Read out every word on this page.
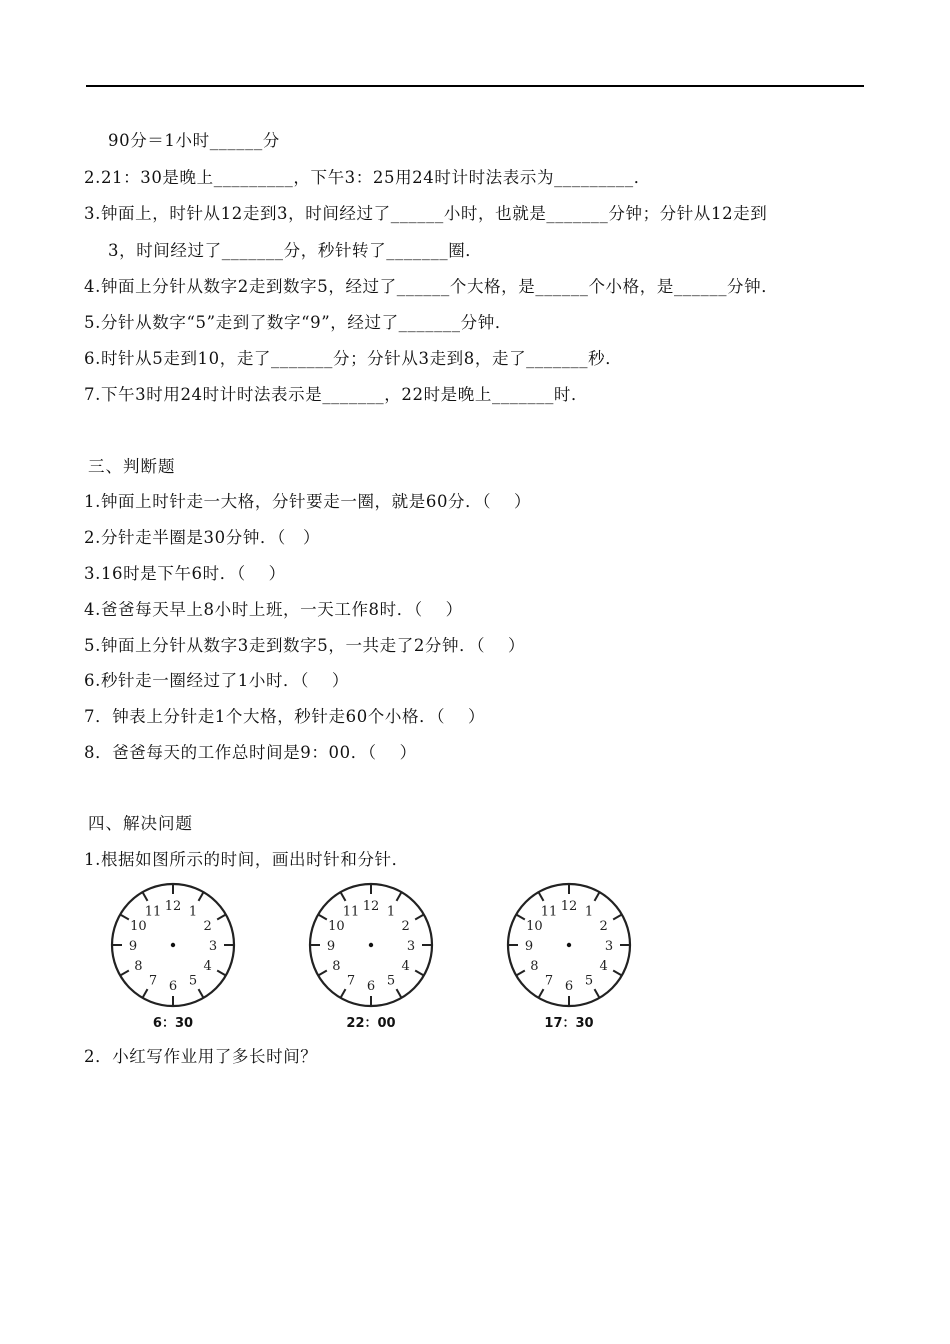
90分＝1小时______分
2.21：30是晚上_________，下午3：25用24时计时法表示为_________．
3.钟面上，时针从12走到3，时间经过了______小时，也就是_______分钟；分针从12走到
3，时间经过了_______分，秒针转了_______圈．
4.钟面上分针从数字2走到数字5，经过了______个大格，是______个小格，是______分钟．
5.分针从数字“5”走到了数字“9”，经过了_______分钟．
6.时针从5走到10，走了_______分；分针从3走到8，走了_______秒．
7.下午3时用24时计时法表示是_______，22时是晚上_______时．
三、判断题
1.钟面上时针走一大格，分针要走一圈，就是60分．（　 ）
2.分针走半圈是30分钟．（　）
3.16时是下午6时．（　 ）
4.爸爸每天早上8小时上班，一天工作8时．（　 ）
5.钟面上分针从数字3走到数字5，一共走了2分钟．（　 ）
6.秒针走一圈经过了1小时．（　 ）
7．钟表上分针走1个大格，秒针走60个小格．（　 ）
8．爸爸每天的工作总时间是9：00．（　 ）
四、解决问题
1.根据如图所示的时间，画出时针和分针．
12 1
2
3
4
5
6
7
8
9
10
11
6：30
12 1
2
3
4
5
6
7
8
9
10
11
22：00
12 1
2
3
4
5
6
7
8
9
10
11
17：30
2．小红写作业用了多长时间？
